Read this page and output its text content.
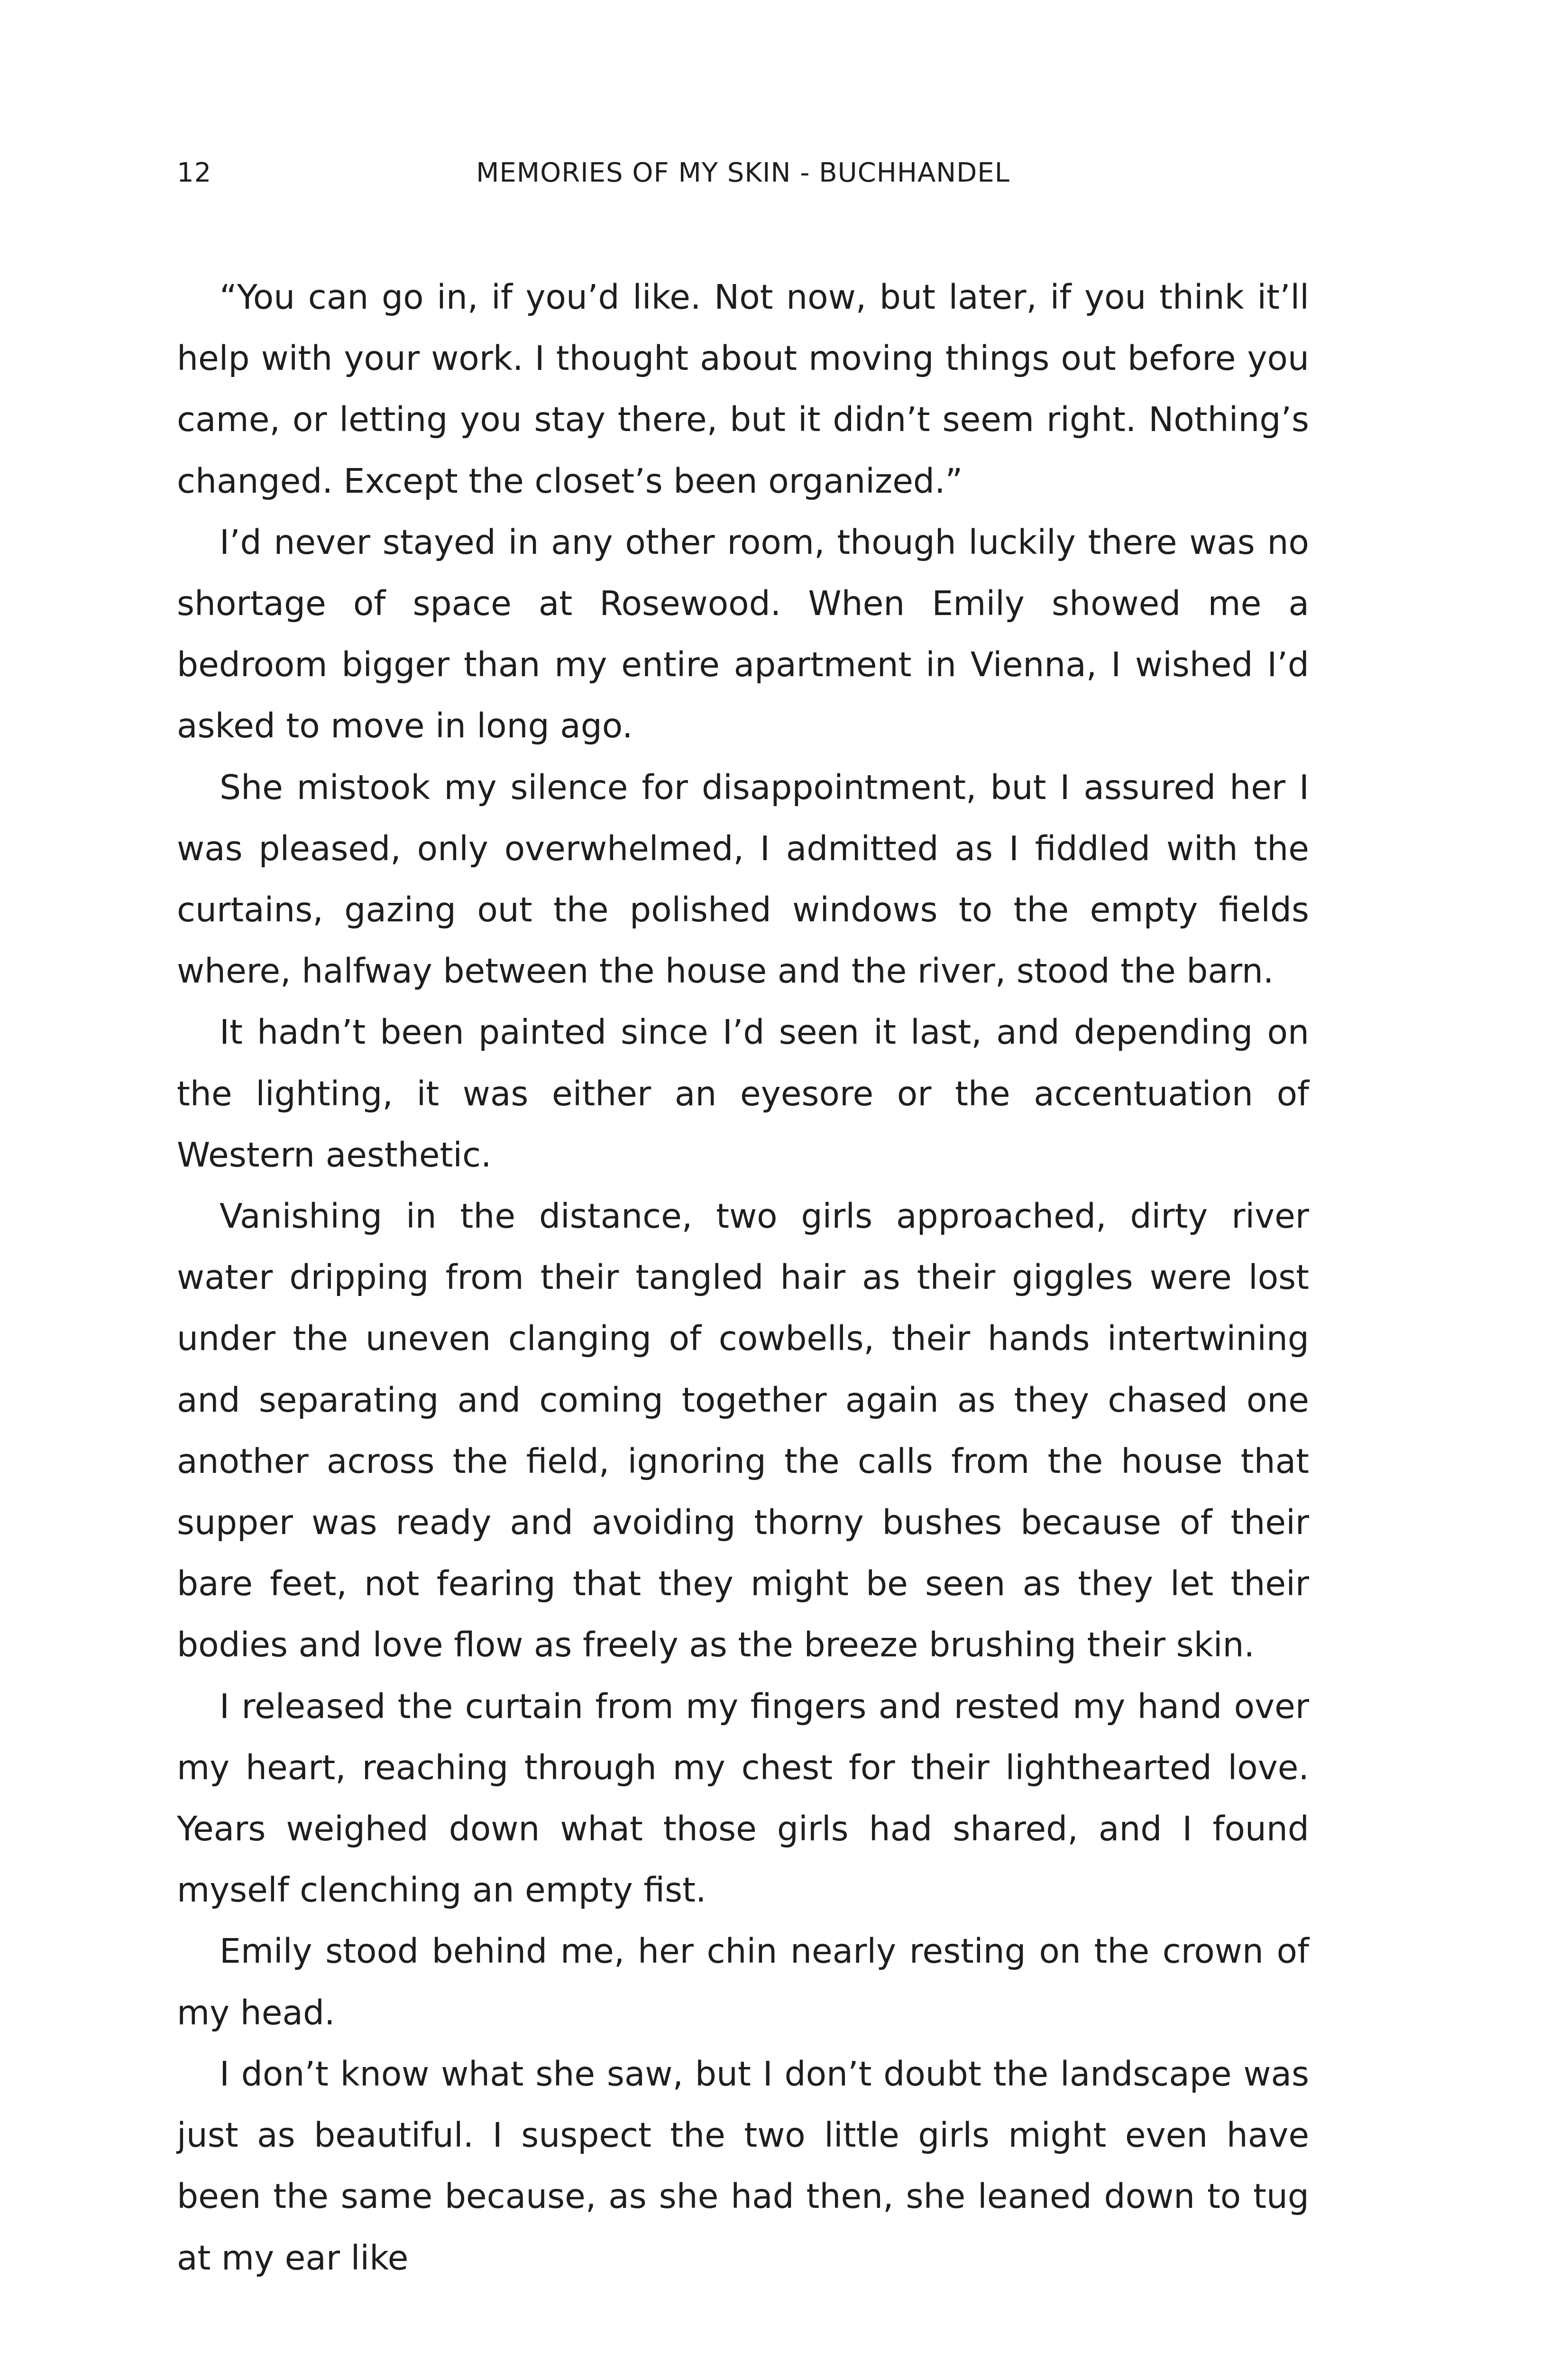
12	MEMORIES OF MY SKIN - BUCHHANDEL

“You can go in, if you’d like. Not now, but later, if you think it’ll help with your work. I thought about moving things out before you came, or letting you stay there, but it didn’t seem right. Nothing’s changed. Except the closet’s been organized.”

I’d never stayed in any other room, though luckily there was no shortage of space at Rosewood. When Emily showed me a bedroom bigger than my entire apartment in Vienna, I wished I’d asked to move in long ago.

She mistook my silence for disappointment, but I assured her I was pleased, only overwhelmed, I admitted as I fiddled with the curtains, gazing out the polished windows to the empty fields where, halfway between the house and the river, stood the barn.

It hadn’t been painted since I’d seen it last, and depending on the lighting, it was either an eyesore or the accentuation of Western aesthetic.

Vanishing in the distance, two girls approached, dirty river water dripping from their tangled hair as their giggles were lost under the uneven clanging of cowbells, their hands intertwining and separating and coming together again as they chased one another across the field, ignoring the calls from the house that supper was ready and avoiding thorny bushes because of their bare feet, not fearing that they might be seen as they let their bodies and love flow as freely as the breeze brushing their skin.

I released the curtain from my fingers and rested my hand over my heart, reaching through my chest for their lighthearted love. Years weighed down what those girls had shared, and I found myself clenching an empty fist.

Emily stood behind me, her chin nearly resting on the crown of my head.

I don’t know what she saw, but I don’t doubt the landscape was just as beautiful. I suspect the two little girls might even have been the same because, as she had then, she leaned down to tug at my ear like
